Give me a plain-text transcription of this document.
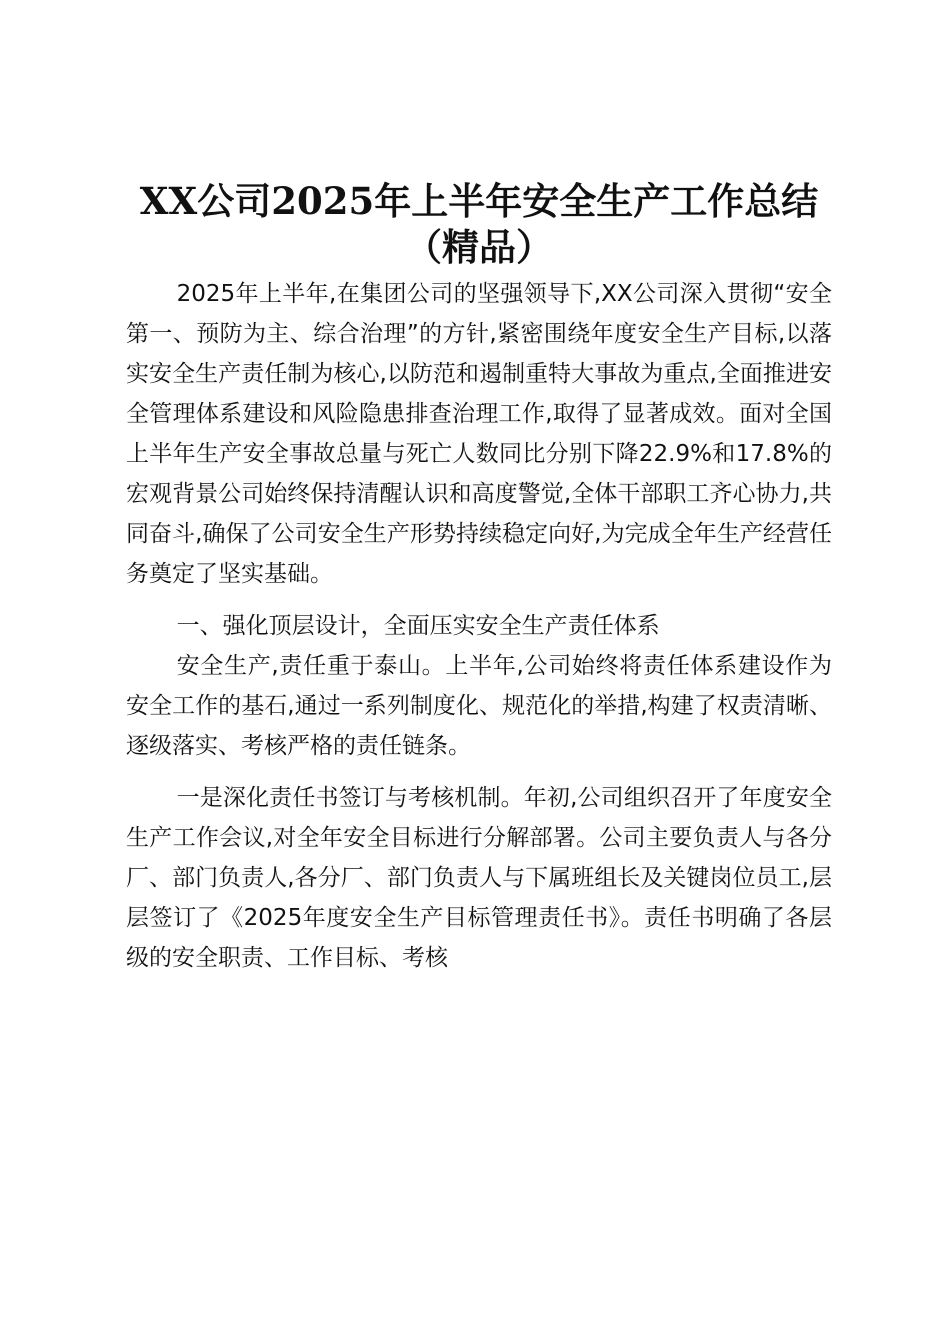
XX公司2025年上半年安全生产工作总结（精品）

2025年上半年,在集团公司的坚强领导下,XX公司深入贯彻“安全第一、预防为主、综合治理”的方针,紧密围绕年度安全生产目标,以落实安全生产责任制为核心,以防范和遏制重特大事故为重点,全面推进安全管理体系建设和风险隐患排查治理工作,取得了显著成效。面对全国上半年生产安全事故总量与死亡人数同比分别下降22.9%和17.8%的宏观背景公司始终保持清醒认识和高度警觉,全体干部职工齐心协力,共同奋斗,确保了公司安全生产形势持续稳定向好,为完成全年生产经营任务奠定了坚实基础。

一、强化顶层设计，全面压实安全生产责任体系

安全生产,责任重于泰山。上半年,公司始终将责任体系建设作为安全工作的基石,通过一系列制度化、规范化的举措,构建了权责清晰、逐级落实、考核严格的责任链条。

一是深化责任书签订与考核机制。年初,公司组织召开了年度安全生产工作会议,对全年安全目标进行分解部署。公司主要负责人与各分厂、部门负责人,各分厂、部门负责人与下属班组长及关键岗位员工,层层签订了《2025年度安全生产目标管理责任书》。责任书明确了各层级的安全职责、工作目标、考核
